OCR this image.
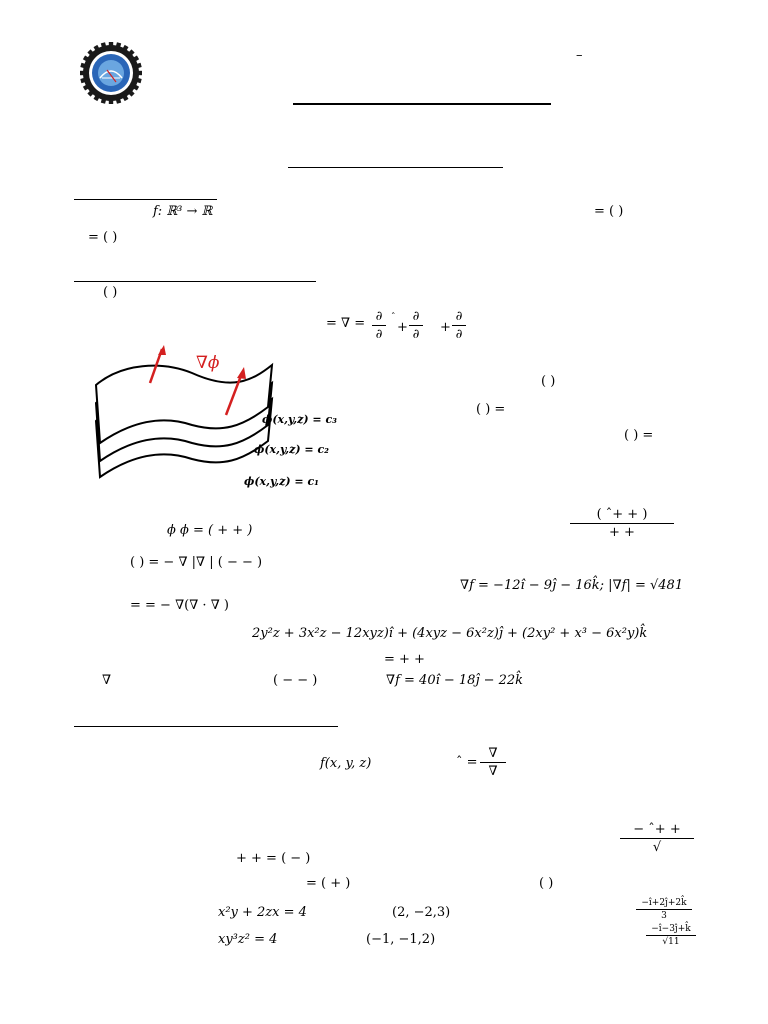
–
f: ℝ³ → ℝ	= ( )
= ( )
( )
= ∇ = ∂
∂
ˆ
+
∂
∂ +
∂
∂
∇ϕ
ϕ(x,y,z) = c₃
ϕ(x,y,z) = c₂
ϕ(x,y,z) = c₁
( )
( ) =
( ) =
ϕ ϕ = ( + + )
( ˆ+ + )
+ +
( ) = − ∇ |∇ | ( − − )
∇f = −12î − 9ĵ − 16k̂; |∇f| = √481
= = − ∇(∇ · ∇ )
2y²z + 3x²z − 12xyz)î + (4xyz − 6x²z)ĵ + (2xy² + x³ − 6x²y)k̂
= + +
∇	( − − )	∇f = 40î − 18ĵ − 22k̂
f(x, y, z)	ˆ =
∇
∇
− ˆ+ +
√
+ + = ( − )
= ( + )	( )
x²y + 2zx = 4	(2, −2,3)
−î+2ĵ+2k̂
3
xy³z² = 4	(−1, −1,2)
−î−3ĵ+k̂
√11
